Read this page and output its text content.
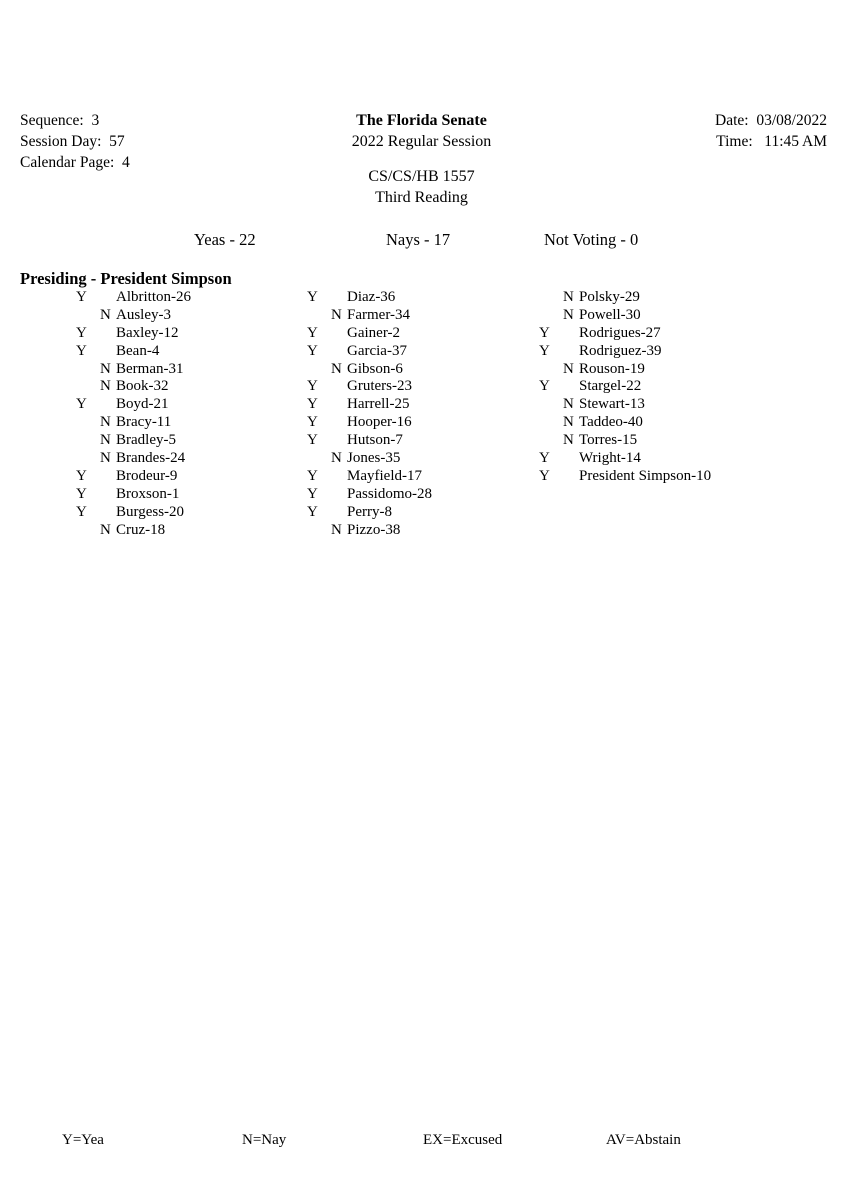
Sequence: 3
Session Day: 57
Calendar Page: 4
The Florida Senate
2022 Regular Session
CS/CS/HB 1557
Third Reading
Date: 03/08/2022
Time: 11:45 AM
Yeas - 22	Nays - 17	Not Voting - 0
Presiding - President Simpson
Y Albritton-26
N Ausley-3
Y Baxley-12
Y Bean-4
N Berman-31
N Book-32
Y Boyd-21
N Bracy-11
N Bradley-5
N Brandes-24
Y Brodeur-9
Y Broxson-1
Y Burgess-20
N Cruz-18
Y Diaz-36
N Farmer-34
Y Gainer-2
Y Garcia-37
N Gibson-6
Y Gruters-23
Y Harrell-25
Y Hooper-16
Y Hutson-7
N Jones-35
Y Mayfield-17
Y Passidomo-28
Y Perry-8
N Pizzo-38
N Polsky-29
N Powell-30
Y Rodrigues-27
Y Rodriguez-39
N Rouson-19
Y Stargel-22
N Stewart-13
N Taddeo-40
N Torres-15
Y Wright-14
Y President Simpson-10
Y=Yea	N=Nay	EX=Excused	AV=Abstain
